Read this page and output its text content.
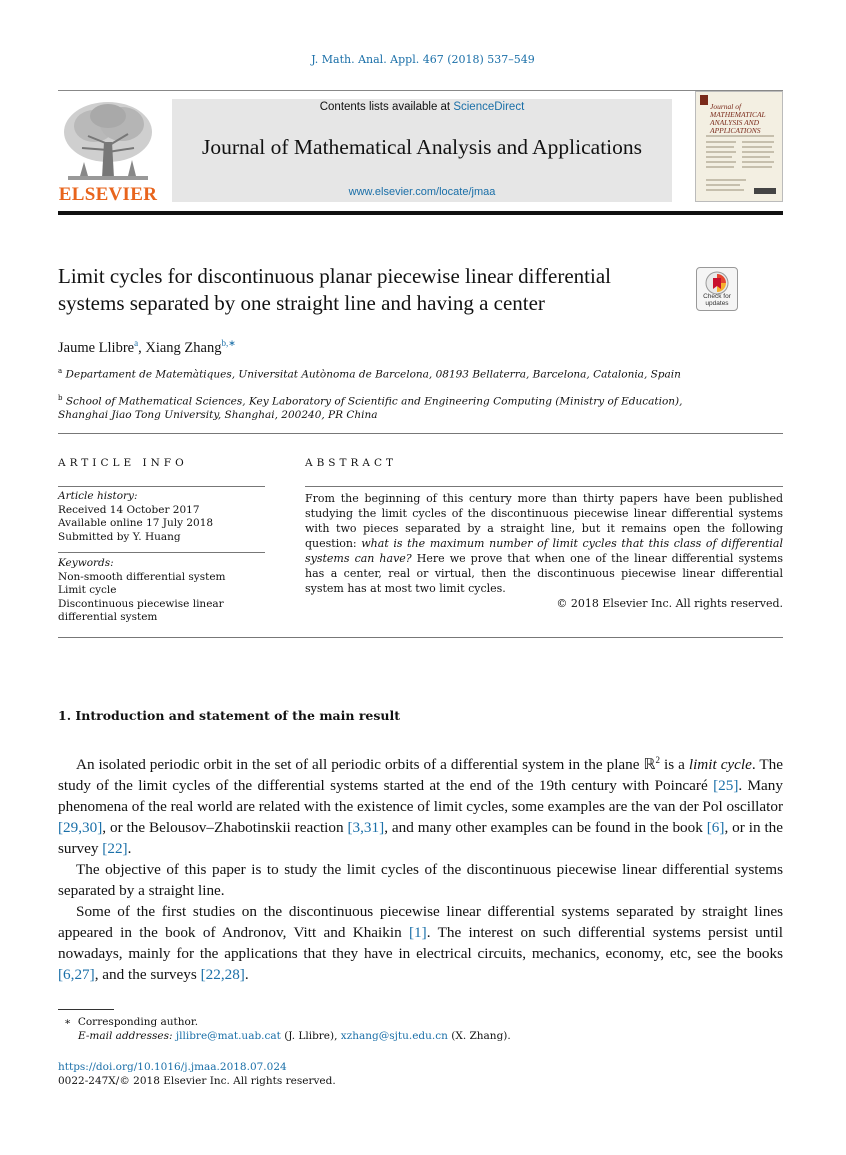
J. Math. Anal. Appl. 467 (2018) 537–549
ELSEVIER
Contents lists available at ScienceDirect
Journal of Mathematical Analysis and Applications
www.elsevier.com/locate/jmaa
Journal of MATHEMATICAL ANALYSIS AND APPLICATIONS
Limit cycles for discontinuous planar piecewise linear differential
systems separated by one straight line and having a center	Check for updates
Jaume Llibre$^a$, Xiang Zhang$^{b,∗}$
$^a$ Departament de Matemàtiques, Universitat Autònoma de Barcelona, 08193 Bellaterra, Barcelona, Catalonia, Spain
$^b$ School of Mathematical Sciences, Key Laboratory of Scientific and Engineering Computing (Ministry of Education), Shanghai Jiao Tong University, Shanghai, 200240, PR China
ARTICLE INFO
Article history:
Received 14 October 2017
Available online 17 July 2018
Submitted by Y. Huang
Keywords:
Non-smooth differential system
Limit cycle
Discontinuous piecewise linear
differential system
ABSTRACT
From the beginning of this century more than thirty papers have been published studying the limit cycles of the discontinuous piecewise linear differential systems with two pieces separated by a straight line, but it remains open the following question: what is the maximum number of limit cycles that this class of differential systems can have? Here we prove that when one of the linear differential systems has a center, real or virtual, then the discontinuous piecewise linear differential system has at most two limit cycles.
© 2018 Elsevier Inc. All rights reserved.
1. Introduction and statement of the main result

An isolated periodic orbit in the set of all periodic orbits of a differential system in the plane ℝ$^2$ is a limit cycle. The study of the limit cycles of the differential systems started at the end of the 19th century with Poincaré [25]. Many phenomena of the real world are related with the existence of limit cycles, some examples are the van der Pol oscillator [29,30], or the Belousov–Zhabotinskii reaction [3,31], and many other examples can be found in the book [6], or in the survey [22].

The objective of this paper is to study the limit cycles of the discontinuous piecewise linear differential systems separated by a straight line.

Some of the first studies on the discontinuous piecewise linear differential systems separated by straight lines appeared in the book of Andronov, Vitt and Khaikin [1]. The interest on such differential systems persist until nowadays, mainly for the applications that they have in electrical circuits, mechanics, economy, etc, see the books [6,27], and the surveys [22,28].

∗ Corresponding author.
E-mail addresses: jllibre@mat.uab.cat (J. Llibre), xzhang@sjtu.edu.cn (X. Zhang).
https://doi.org/10.1016/j.jmaa.2018.07.024
0022-247X/© 2018 Elsevier Inc. All rights reserved.
